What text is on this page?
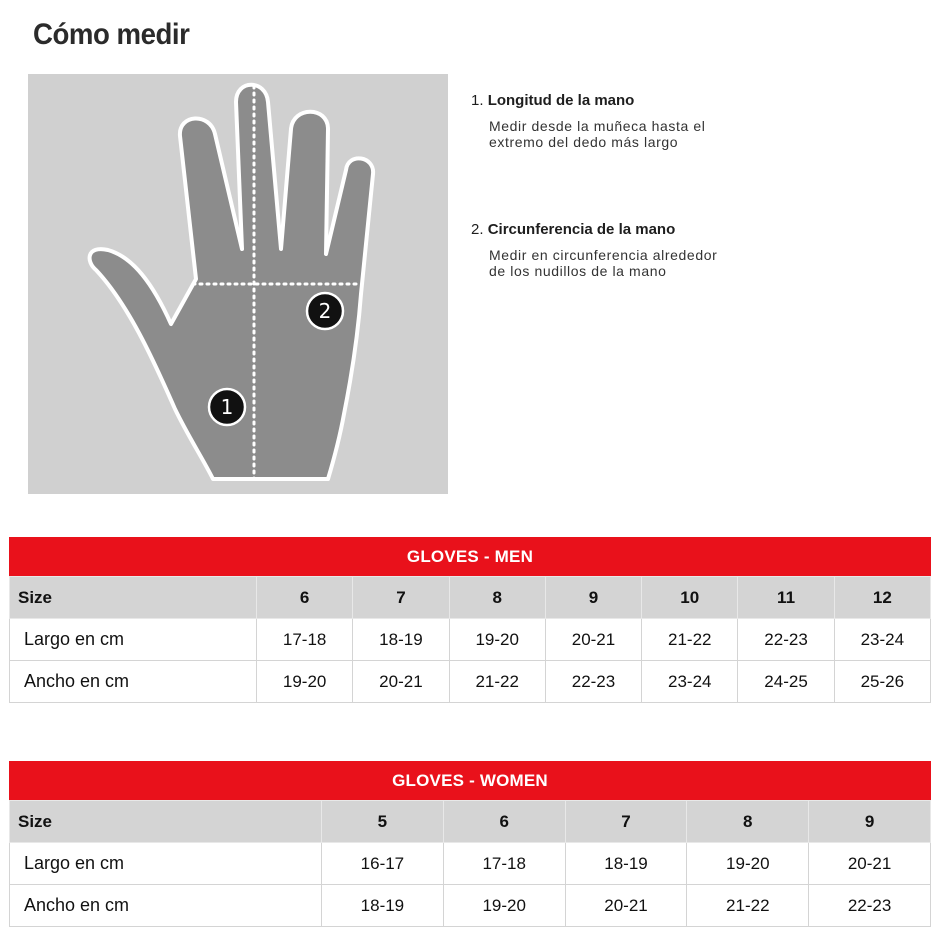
Cómo medir
1
2
1. Longitud de la mano
Medir desde la muñeca hasta el
extremo del dedo más largo
2. Circunferencia de la mano
Medir en circunferencia alrededor
de los nudillos de la mano
GLOVES - MEN
Size	6	7	8	9	10	11	12
Largo en cm	17-18	18-19	19-20	20-21	21-22	22-23	23-24
Ancho en cm	19-20	20-21	21-22	22-23	23-24	24-25	25-26
GLOVES - WOMEN
Size	5	6	7	8	9
Largo en cm	16-17	17-18	18-19	19-20	20-21
Ancho en cm	18-19	19-20	20-21	21-22	22-23
